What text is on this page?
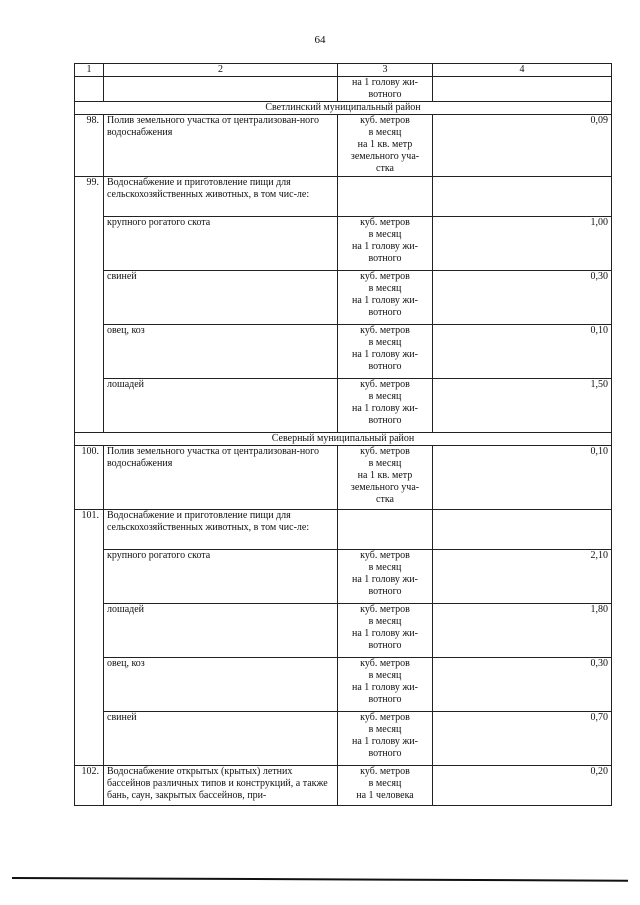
64
1	2	3	4
		на 1 голову жи-
вотного	
Светлинский муниципальный район			
98.	Полив земельного участка от централизован-ного водоснабжения	куб. метров
в месяц
на 1 кв. метр
земельного уча-
стка	0,09
99.	Водоснабжение и приготовление пищи для сельскохозяйственных животных, в том чис-ле:		
	крупного рогатого скота	куб. метров
в месяц
на 1 голову жи-
вотного	1,00
	свиней	куб. метров
в месяц
на 1 голову жи-
вотного	0,30
	овец, коз	куб. метров
в месяц
на 1 голову жи-
вотного	0,10
	лошадей	куб. метров
в месяц
на 1 голову жи-
вотного	1,50
Северный муниципальный район			
100.	Полив земельного участка от централизован-ного водоснабжения	куб. метров
в месяц
на 1 кв. метр
земельного уча-
стка	0,10
101.	Водоснабжение и приготовление пищи для сельскохозяйственных животных, в том чис-ле:		
	крупного рогатого скота	куб. метров
в месяц
на 1 голову жи-
вотного	2,10
	лошадей	куб. метров
в месяц
на 1 голову жи-
вотного	1,80
	овец, коз	куб. метров
в месяц
на 1 голову жи-
вотного	0,30
	свиней	куб. метров
в месяц
на 1 голову жи-
вотного	0,70
102.	Водоснабжение открытых (крытых) летних бассейнов различных типов и конструкций, а также бань, саун, закрытых бассейнов, при-	куб. метров
в месяц
на 1 человека	0,20
